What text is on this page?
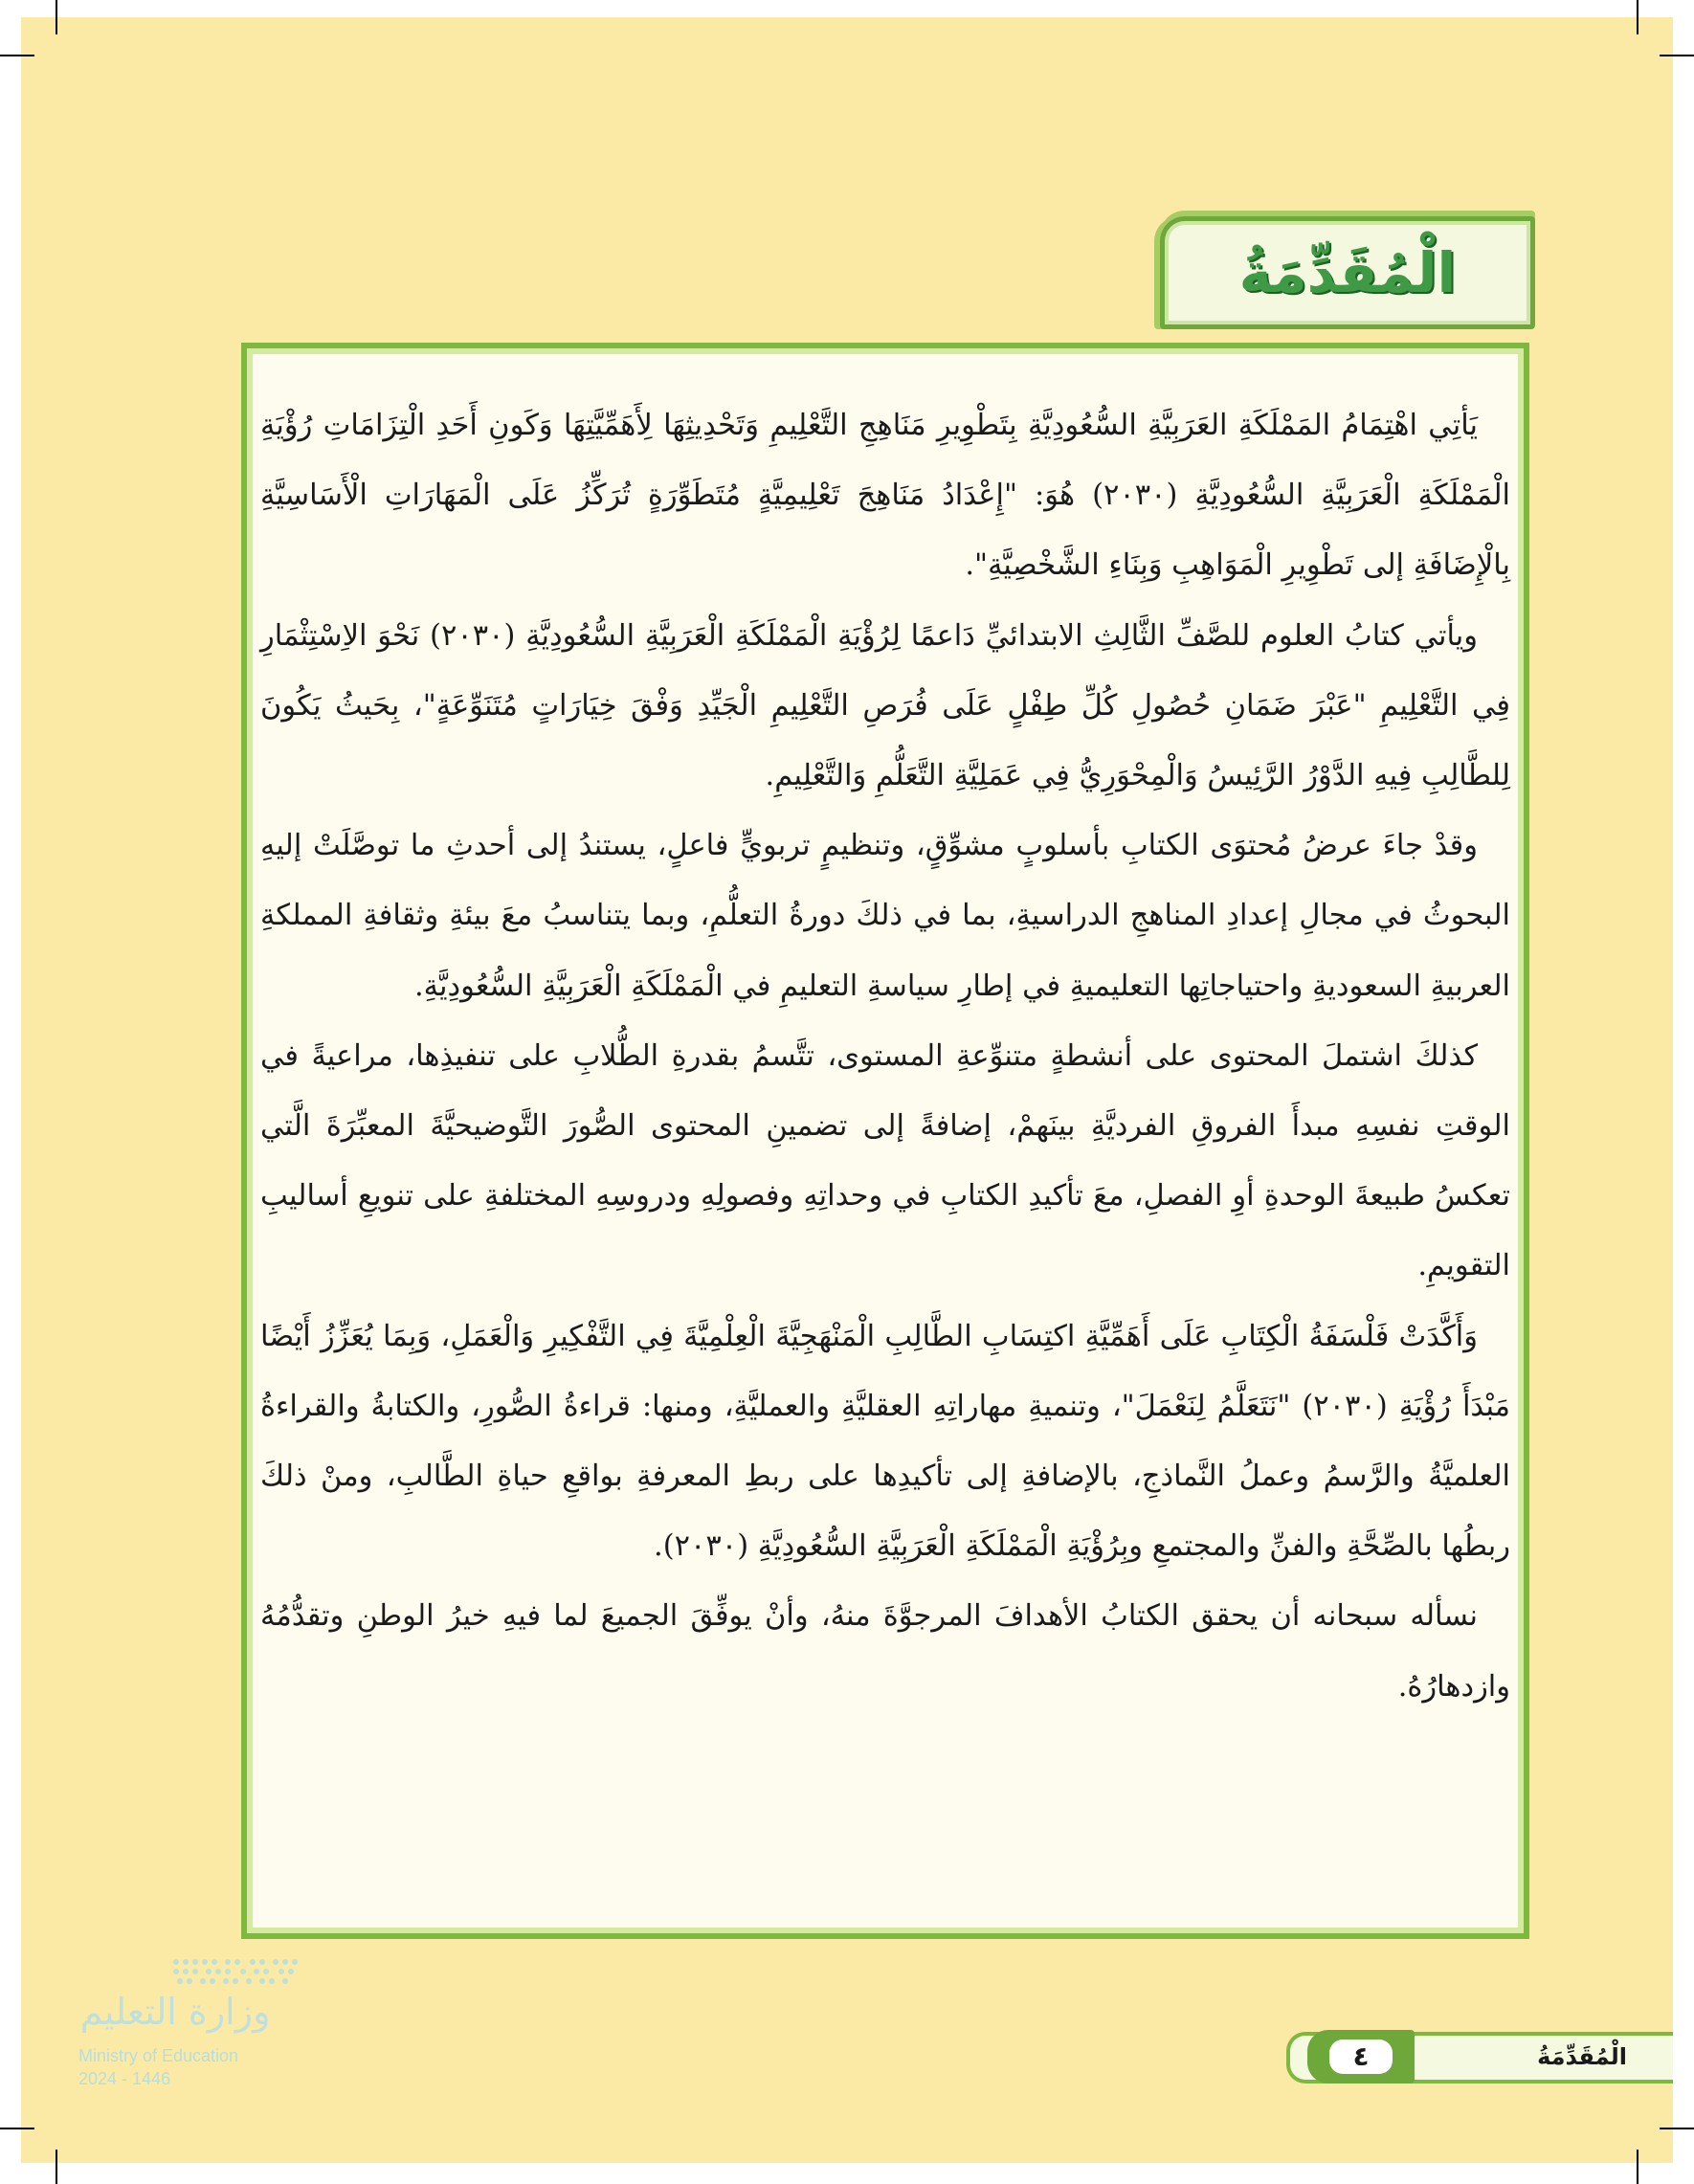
الْمُقَدِّمَةُ

يَأتِي اهْتِمَامُ المَمْلَكَةِ العَرَبِيَّةِ السُّعُودِيَّةِ بِتَطْوِيرِ مَنَاهِجِ التَّعْلِيمِ وَتَحْدِيثِهَا لِأَهَمِّيَّتِهَا وَكَونِ أَحَدِ الْتِزَامَاتِ رُؤْيَةِ الْمَمْلَكَةِ الْعَرَبِيَّةِ السُّعُودِيَّةِ (٢٠٣٠) هُوَ: "إِعْدَادُ مَنَاهِجَ تَعْلِيمِيَّةٍ مُتَطَوِّرَةٍ تُرَكِّزُ عَلَى الْمَهَارَاتِ الْأَسَاسِيَّةِ بِالْإِضَافَةِ إلى تَطْوِيرِ الْمَوَاهِبِ وَبِنَاءِ الشَّخْصِيَّةِ".

ويأتي كتابُ العلوم للصَّفِّ الثَّالِثِ الابتدائيِّ دَاعمًا لِرُؤْيَةِ الْمَمْلَكَةِ الْعَرَبِيَّةِ السُّعُودِيَّةِ (٢٠٣٠) نَحْوَ الاِسْتِثْمَارِ فِي التَّعْلِيمِ "عَبْرَ ضَمَانِ حُصُولِ كُلِّ طِفْلٍ عَلَى فُرَصِ التَّعْلِيمِ الْجَيِّدِ وَفْقَ خِيَارَاتٍ مُتَنَوِّعَةٍ"، بِحَيثُ يَكُونَ لِلطَّالِبِ فِيهِ الدَّوْرُ الرَّئِيسُ وَالْمِحْوَرِيُّ فِي عَمَلِيَّةِ التَّعَلُّمِ وَالتَّعْلِيمِ.

وقدْ جاءَ عرضُ مُحتوَى الكتابِ بأسلوبٍ مشوِّقٍ، وتنظيمٍ تربويٍّ فاعلٍ، يستندُ إلى أحدثِ ما توصَّلَتْ إليهِ البحوثُ في مجالِ إعدادِ المناهجِ الدراسيةِ، بما في ذلكَ دورةُ التعلُّمِ، وبما يتناسبُ معَ بيئةِ وثقافةِ المملكةِ العربيةِ السعوديةِ واحتياجاتِها التعليميةِ في إطارِ سياسةِ التعليمِ في الْمَمْلَكَةِ الْعَرَبِيَّةِ السُّعُودِيَّةِ.

كذلكَ اشتملَ المحتوى على أنشطةٍ متنوِّعةِ المستوى، تتَّسمُ بقدرةِ الطُّلابِ على تنفيذِها، مراعيةً في الوقتِ نفسِهِ مبدأَ الفروقِ الفرديَّةِ بينَهمْ، إضافةً إلى تضمينِ المحتوى الصُّورَ التَّوضيحيَّةَ المعبِّرَةَ الَّتي تعكسُ طبيعةَ الوحدةِ أوِ الفصلِ، معَ تأكيدِ الكتابِ في وحداتِهِ وفصولِهِ ودروسِهِ المختلفةِ على تنويعِ أساليبِ التقويمِ.

وَأَكَّدَتْ فَلْسَفَةُ الْكِتَابِ عَلَى أَهَمِّيَّةِ اكتِسَابِ الطَّالِبِ الْمَنْهَجِيَّةَ الْعِلْمِيَّةَ فِي التَّفْكِيرِ وَالْعَمَلِ، وَبِمَا يُعَزِّزُ أَيْضًا مَبْدَأَ رُؤْيَةِ (٢٠٣٠) "نَتَعَلَّمُ لِنَعْمَلَ"، وتنميةِ مهاراتِهِ العقليَّةِ والعمليَّةِ، ومنها: قراءةُ الصُّورِ، والكتابةُ والقراءةُ العلميَّةُ والرَّسمُ وعملُ النَّماذجِ، بالإضافةِ إلى تأكيدِها على ربطِ المعرفةِ بواقعِ حياةِ الطَّالبِ، ومنْ ذلكَ ربطُها بالصِّحَّةِ والفنِّ والمجتمعِ وبِرُؤْيَةِ الْمَمْلَكَةِ الْعَرَبِيَّةِ السُّعُودِيَّةِ (٢٠٣٠).

نسأله سبحانه أن يحقق الكتابُ الأهدافَ المرجوَّةَ منهُ، وأنْ يوفِّقَ الجميعَ لما فيهِ خيرُ الوطنِ وتقدُّمُهُ وازدهارُهُ.

الْمُقَدِّمَةُ
٤
وزارة التعليم
Ministry of Education
2024 - 1446
